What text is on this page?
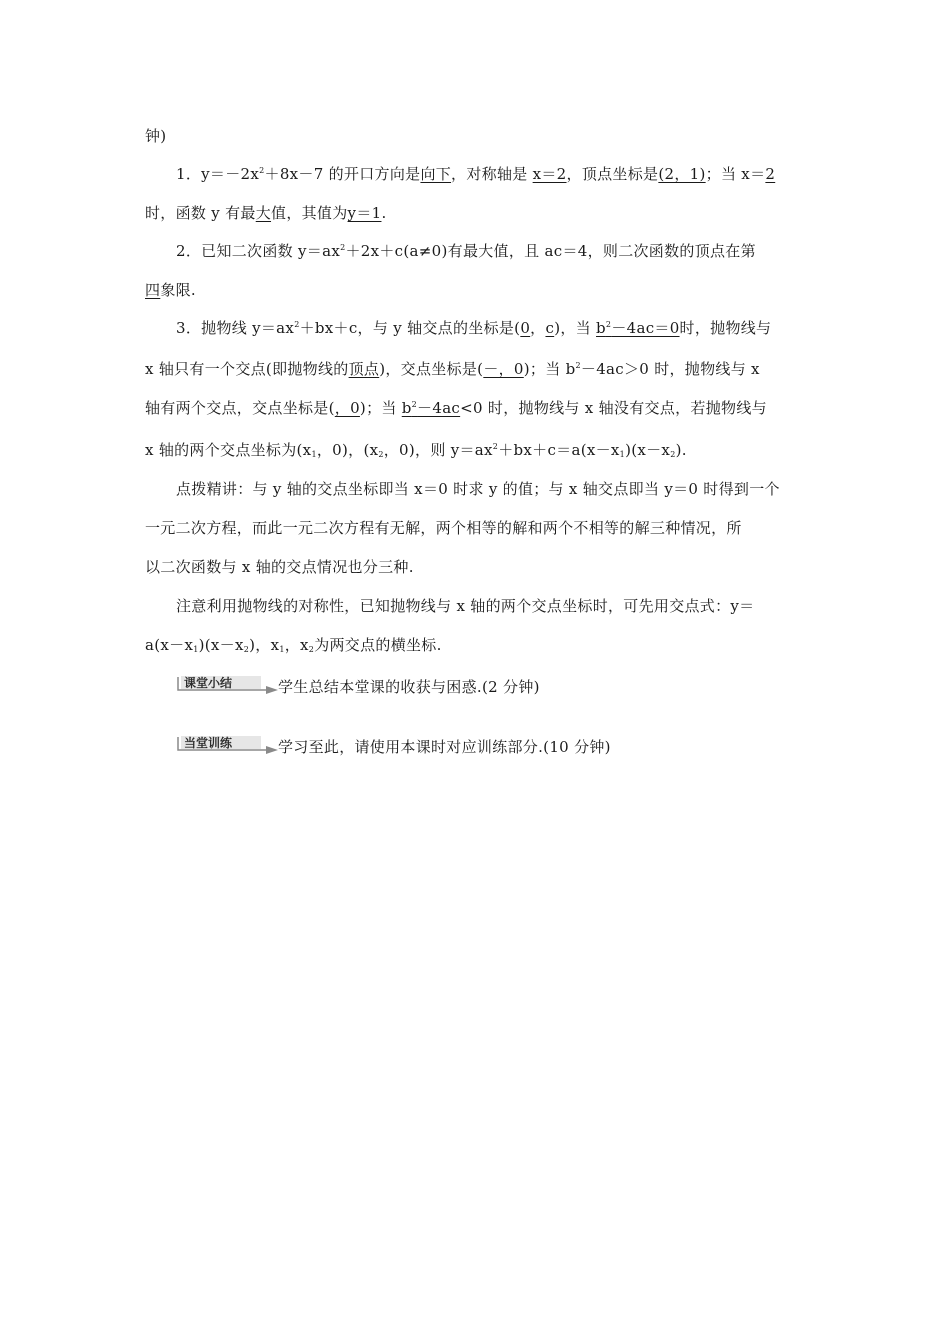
钟)
1．$y=-2x^2+8x-7$ 的开口方向是向下，对称轴是 x＝2，顶点坐标是(2，1)；当 x＝2
时，函数 y 有最大值，其值为y＝1.
2．已知二次函数 $y=ax^2+2x+c(a\ne 0)$有最大值，且 ac＝4，则二次函数的顶点在第
四象限.
3．抛物线 $y=ax^2+bx+c$，与 y 轴交点的坐标是(0，c)，当 $b^2-4ac=0$时，抛物线与
x 轴只有一个交点(即抛物线的顶点)，交点坐标是(－，0)；当 $b^2-4ac>0$ 时，抛物线与 x
轴有两个交点，交点坐标是(，0)；当 $b^2-4ac<0$ 时，抛物线与 x 轴没有交点，若抛物线与
x 轴的两个交点坐标为($x_1$，0)，($x_2$，0)，则 $y=ax^2+bx+c=a(x-x_1)(x-x_2)$.
点拨精讲：与 y 轴的交点坐标即当 x＝0 时求 y 的值；与 x 轴交点即当 y＝0 时得到一个
一元二次方程，而此一元二次方程有无解，两个相等的解和两个不相等的解三种情况，所
以二次函数与 x 轴的交点情况也分三种.
注意利用抛物线的对称性，已知抛物线与 x 轴的两个交点坐标时，可先用交点式：y＝
$a(x-x_1)(x-x_2)$，$x_1$，$x_2$为两交点的横坐标.
课堂小结	学生总结本堂课的收获与困惑.(2 分钟)
当堂训练	学习至此，请使用本课时对应训练部分.(10 分钟)
